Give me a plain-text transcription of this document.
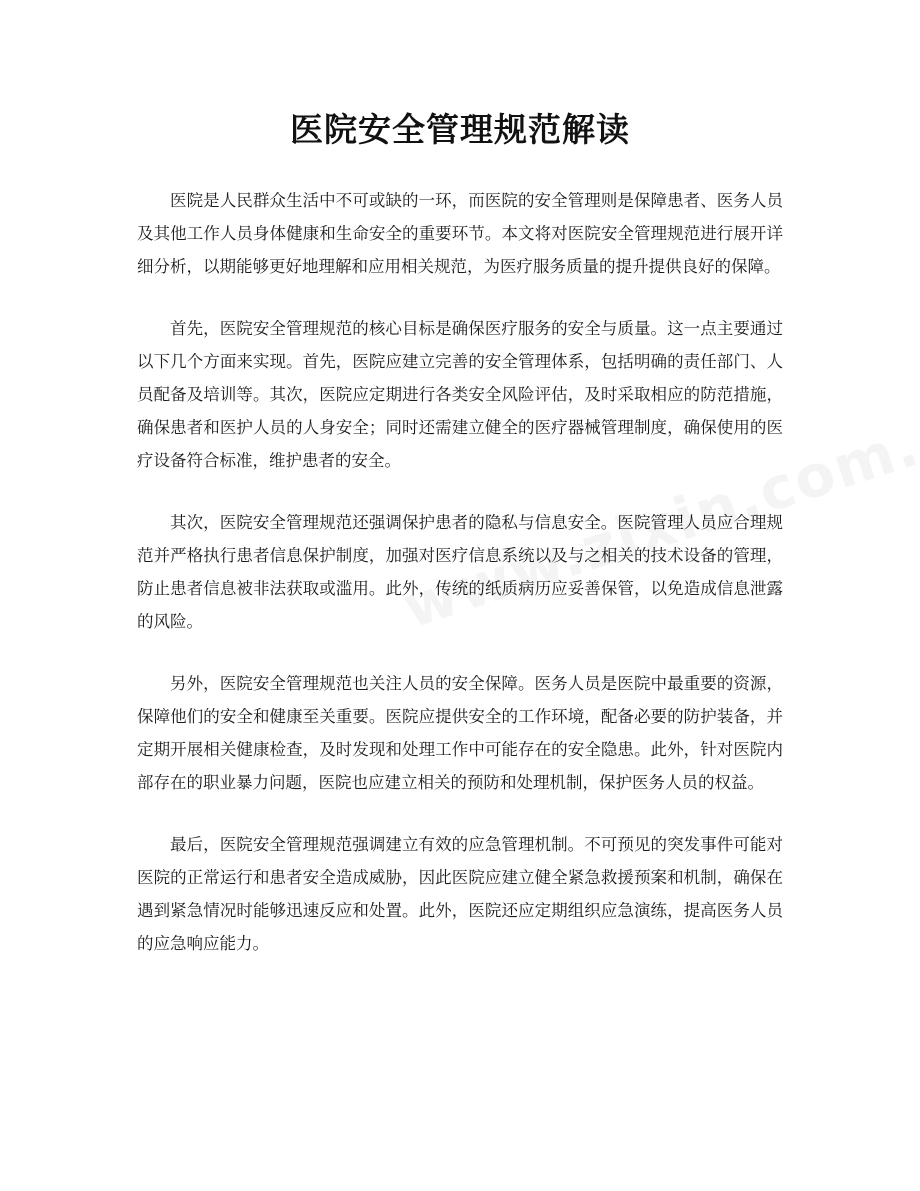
医院安全管理规范解读

医院是人民群众生活中不可或缺的一环，而医院的安全管理则是保障患者、医务人员及其他工作人员身体健康和生命安全的重要环节。本文将对医院安全管理规范进行展开详细分析，以期能够更好地理解和应用相关规范，为医疗服务质量的提升提供良好的保障。

首先，医院安全管理规范的核心目标是确保医疗服务的安全与质量。这一点主要通过以下几个方面来实现。首先，医院应建立完善的安全管理体系，包括明确的责任部门、人员配备及培训等。其次，医院应定期进行各类安全风险评估，及时采取相应的防范措施，确保患者和医护人员的人身安全；同时还需建立健全的医疗器械管理制度，确保使用的医疗设备符合标准，维护患者的安全。

其次，医院安全管理规范还强调保护患者的隐私与信息安全。医院管理人员应合理规范并严格执行患者信息保护制度，加强对医疗信息系统以及与之相关的技术设备的管理，防止患者信息被非法获取或滥用。此外，传统的纸质病历应妥善保管，以免造成信息泄露的风险。

另外，医院安全管理规范也关注人员的安全保障。医务人员是医院中最重要的资源，保障他们的安全和健康至关重要。医院应提供安全的工作环境，配备必要的防护装备，并定期开展相关健康检查，及时发现和处理工作中可能存在的安全隐患。此外，针对医院内部存在的职业暴力问题，医院也应建立相关的预防和处理机制，保护医务人员的权益。

最后，医院安全管理规范强调建立有效的应急管理机制。不可预见的突发事件可能对医院的正常运行和患者安全造成威胁，因此医院应建立健全紧急救援预案和机制，确保在遇到紧急情况时能够迅速反应和处置。此外，医院还应定期组织应急演练，提高医务人员的应急响应能力。
